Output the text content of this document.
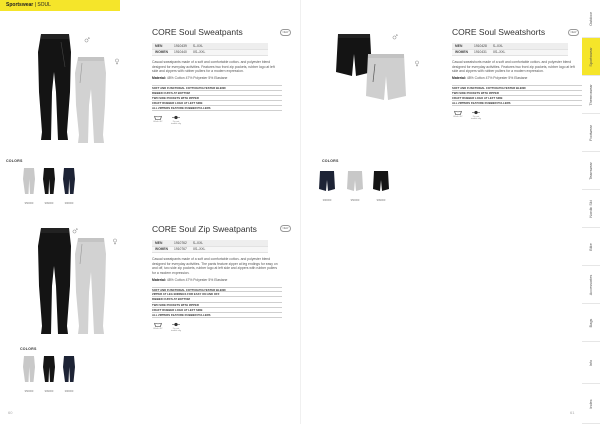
Sportswear | SOUL
CORE Soul Sweatpants
MEN	1910439	S–XXL	
WOMEN	1910440	XS–XXL	
Casual sweatpants made of a soft and comfortable cotton- and polyester blend designed for everyday activities. Features two front zip pockets, rubber logo at left side and zippers with rubber pullers for a modern expression.
Material: 48% Cotton 47% Polyester 5% Elastane
SOFT AND FUNCTIONAL COTTON-POLYESTER BLEND
RIBBED CUFFS AT BOTTOM
TWO SIDE POCKETS WITH ZIPPER
CRAFT RUBBER LOGO AT LEFT SIDE
ALL ZIPPERS FEATURE RUBBER PULLERS
Wash 40°	Do not tumble dry
NEW
COLORS
950000	999000	396000
CORE Soul Sweatshorts
MEN	1910428	S–XXL	
WOMEN	1910431	XS–XXL	
Casual sweatshorts made of a soft and comfortable cotton- and polyester blend designed for everyday activities. Features two front zip pockets, rubber logo at left side and zippers with rubber pullers for a modern expression.
Material: 48% Cotton 47% Polyester 5% Elastane
SOFT AND FUNCTIONAL COTTON-POLYESTER BLEND
TWO SIDE POCKETS WITH ZIPPER
CRAFT RUBBER LOGO AT LEFT SIDE
ALL ZIPPERS FEATURE RUBBER PULLERS
Wash 40°	Do not tumble dry
NEW
COLORS
396000	950000	999000
CORE Soul Zip Sweatpants
MEN	1910762	S–XXL	
WOMEN	1910767	XS–XXL	
Casual sweatpants made of a soft and comfortable cotton- and polyester blend designed for everyday activities. The pants feature zipper at leg endings for easy on and off, two side zip pockets, rubber logo at left side and zippers with rubber pullers for a modern expression.
Material: 48% Cotton 47% Polyester 5% Elastane
SOFT AND FUNCTIONAL COTTON-POLYESTER BLEND
ZIPPER AT LEG ENDINGS FOR EASY ON AND OFF
RIBBED CUFFS AT BOTTOM
TWO SIDE POCKETS WITH ZIPPER
CRAFT RUBBER LOGO AT LEFT SIDE
ALL ZIPPERS FEATURE RUBBER PULLERS
Wash 40°	Do not tumble dry
NEW
COLORS
950000	999000	396000
60	61
Outdoor
Sportswear
Thermowear
Footwear
Teamwear
Nordic Ski
Bike
Accessories
Bags
Info
Index
